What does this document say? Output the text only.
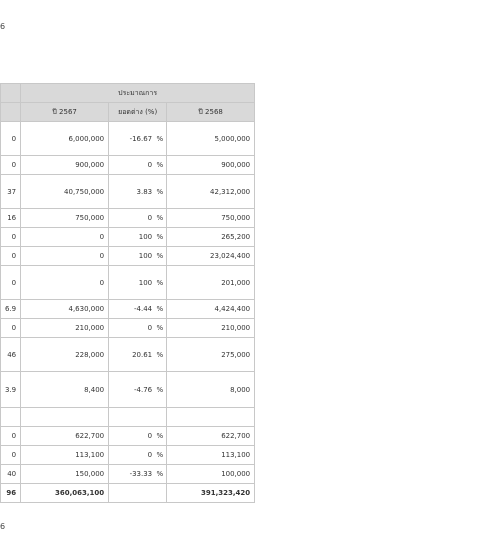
6
	ประมาณการ		
	ปี 2567	ยอดต่าง (%)	ปี 2568
0	6,000,000	-16.67 %	5,000,000
0	900,000	0 %	900,000
37	40,750,000	3.83 %	42,312,000
16	750,000	0 %	750,000
0	0	100 %	265,200
0	0	100 %	23,024,400
0	0	100 %	201,000
6.9	4,630,000	-4.44 %	4,424,400
0	210,000	0 %	210,000
46	228,000	20.61 %	275,000
3.9	8,400	-4.76 %	8,000

0	622,700	0 %	622,700
0	113,100	0 %	113,100
40	150,000	-33.33 %	100,000
96	360,063,100		391,323,420
6
